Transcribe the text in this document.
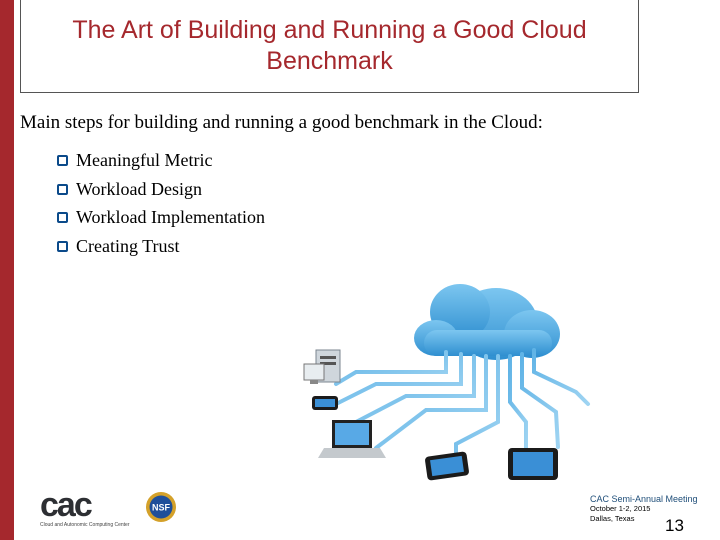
The Art of Building and Running a Good Cloud Benchmark
Main steps for building and running a good benchmark in the Cloud:
Meaningful Metric
Workload Design
Workload Implementation
Creating Trust
cac
Cloud and Autonomic Computing Center
NSF
CAC Semi-Annual Meeting
October 1-2, 2015
Dallas, Texas	13
